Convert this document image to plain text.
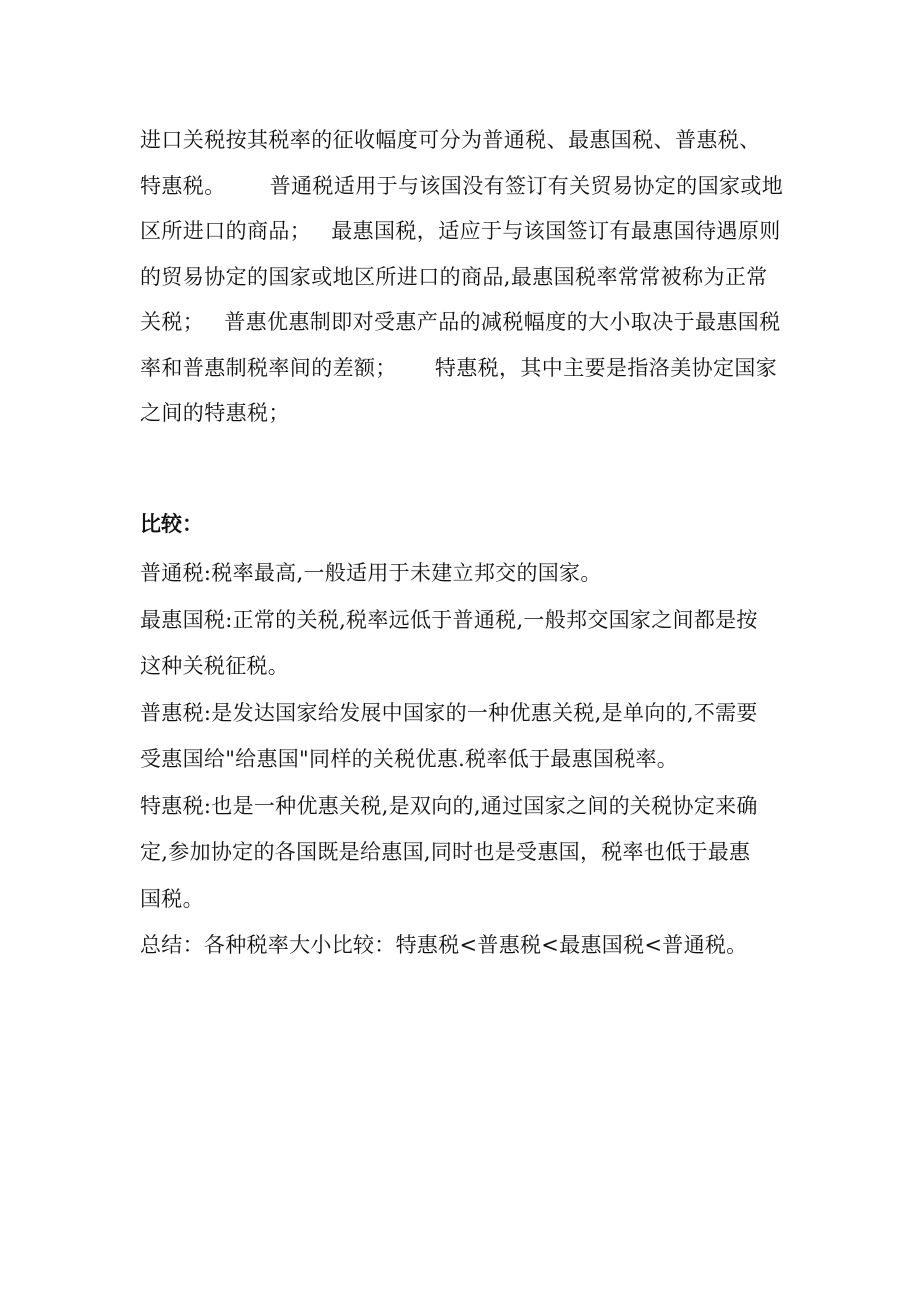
进口关税按其税率的征收幅度可分为普通税、最惠国税、普惠税、
特惠税。 普通税适用于与该国没有签订有关贸易协定的国家或地
区所进口的商品； 最惠国税，适应于与该国签订有最惠国待遇原则
的贸易协定的国家或地区所进口的商品,最惠国税率常常被称为正常
关税； 普惠优惠制即对受惠产品的减税幅度的大小取决于最惠国税
率和普惠制税率间的差额； 特惠税，其中主要是指洛美协定国家
之间的特惠税；
比较：
普通税:税率最高,一般适用于未建立邦交的国家。
最惠国税:正常的关税,税率远低于普通税,一般邦交国家之间都是按
这种关税征税。
普惠税:是发达国家给发展中国家的一种优惠关税,是单向的,不需要
受惠国给"给惠国"同样的关税优惠.税率低于最惠国税率。
特惠税:也是一种优惠关税,是双向的,通过国家之间的关税协定来确
定,参加协定的各国既是给惠国,同时也是受惠国，税率也低于最惠
国税。
总结：各种税率大小比较：特惠税<普惠税<最惠国税<普通税。
